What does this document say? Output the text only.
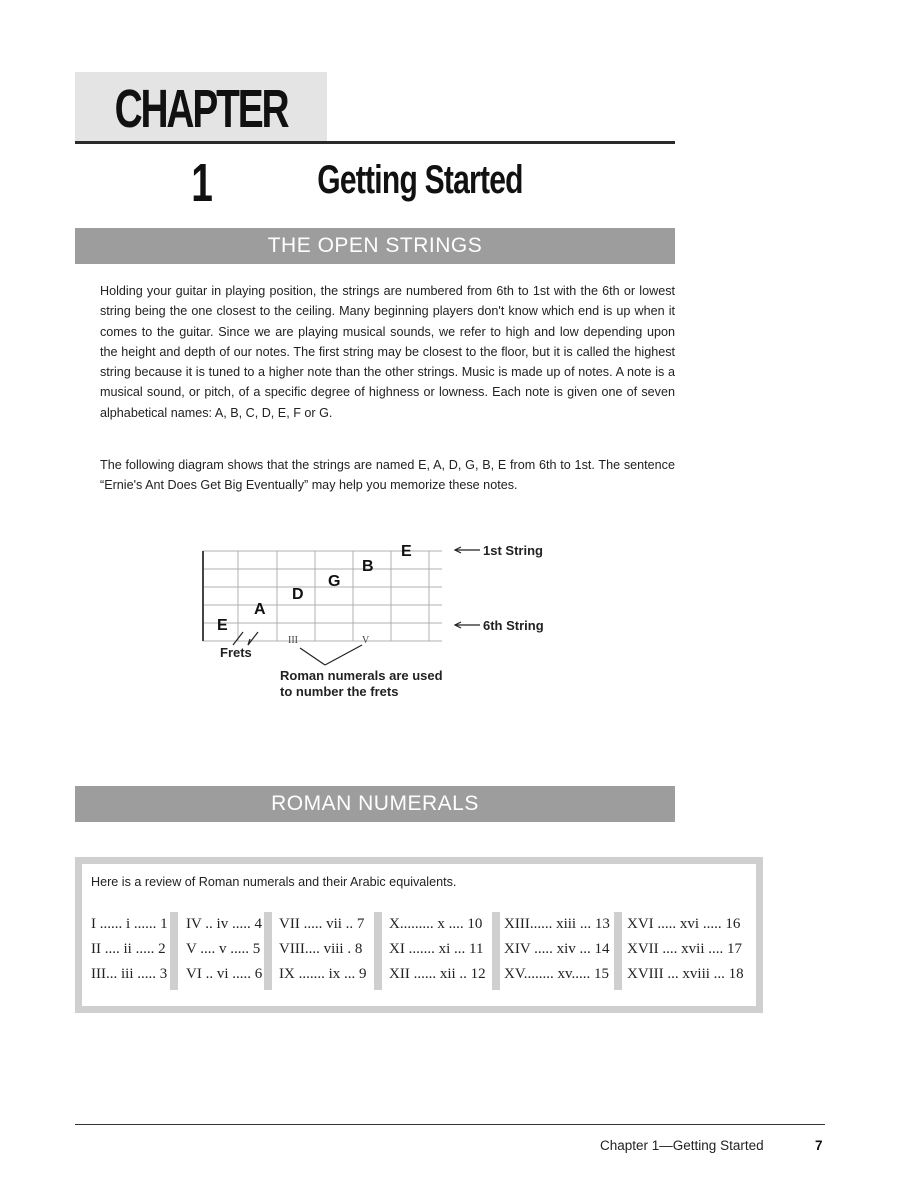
CHAPTER 1	Getting Started
THE OPEN STRINGS
Holding your guitar in playing position, the strings are numbered from 6th to 1st with the 6th or lowest string being the one closest to the ceiling. Many beginning players don't know which end is up when it comes to the guitar. Since we are playing musical sounds, we refer to high and low depending upon the height and depth of our notes. The first string may be closest to the floor, but it is called the highest string because it is tuned to a higher note than the other strings. Music is made up of notes. A note is a musical sound, or pitch, of a specific degree of highness or lowness. Each note is given one of seven alphabetical names: A, B, C, D, E, F or G.
The following diagram shows that the strings are named E, A, D, G, B, E from 6th to 1st. The sentence “Ernie's Ant Does Get Big Eventually” may help you memorize these notes.
E
A
D
G
B
E	1st String
6th String
Frets
Roman numerals are used
to number the frets
III	V
ROMAN NUMERALS
Here is a review of Roman numerals and their Arabic equivalents.
I ...... i ...... 1
II .... ii ..... 2
III... iii ..... 3
IV .. iv ..... 4
V .... v ..... 5
VI .. vi ..... 6
VII ..... vii .. 7
VIII.... viii . 8
IX ....... ix ... 9
X......... x .... 10
XI ....... xi ... 11
XII ...... xii .. 12
XIII...... xiii ... 13
XIV ..... xiv ... 14
XV........ xv..... 15
XVI ..... xvi ..... 16
XVII .... xvii .... 17
XVIII ... xviii ... 18
Chapter 1—Getting Started	7
